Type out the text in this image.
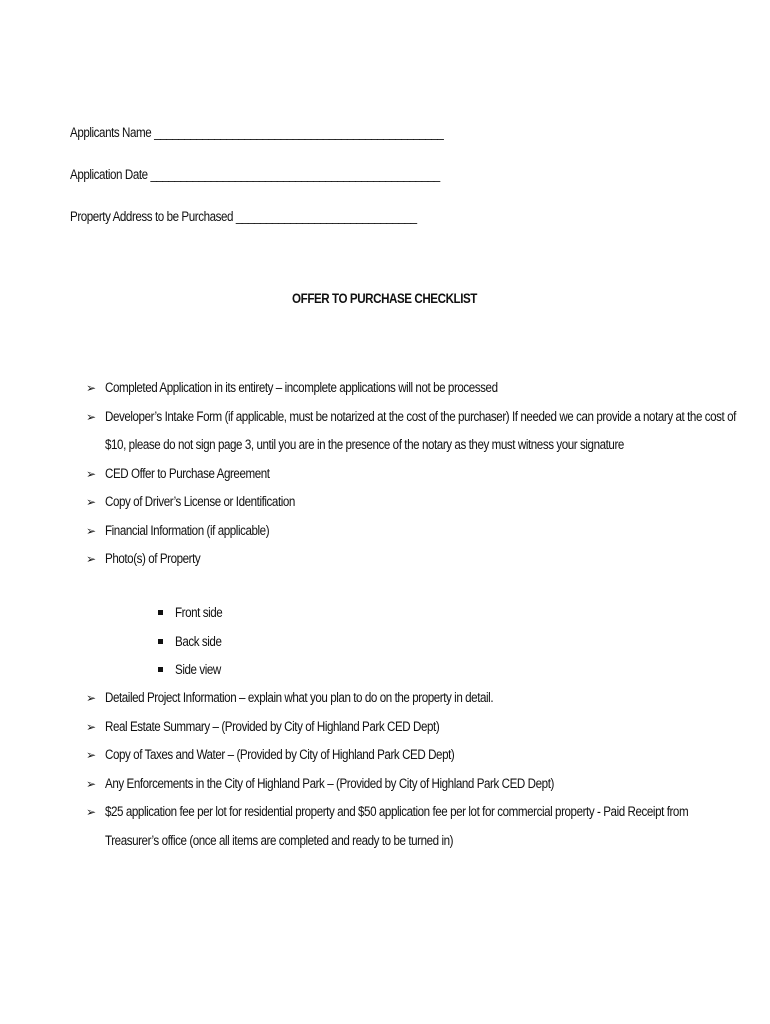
Applicants Name ________________________________________________
Application Date ________________________________________________
Property Address to be Purchased ______________________________
OFFER TO PURCHASE CHECKLIST
➢ Completed Application in its entirety – incomplete applications will not be processed
➢ Developer’s Intake Form (if applicable, must be notarized at the cost of the purchaser) If needed we can provide a notary at the cost of $10, please do not sign page 3, until you are in the presence of the notary as they must witness your signature
➢ CED Offer to Purchase Agreement
➢ Copy of Driver’s License or Identification
➢ Financial Information (if applicable)
➢ Photo(s) of Property
Front side
Back side
Side view
➢ Detailed Project Information – explain what you plan to do on the property in detail.
➢ Real Estate Summary – (Provided by City of Highland Park CED Dept)
➢ Copy of Taxes and Water – (Provided by City of Highland Park CED Dept)
➢ Any Enforcements in the City of Highland Park – (Provided by City of Highland Park CED Dept)
➢ $25 application fee per lot for residential property and $50 application fee per lot for commercial property - Paid Receipt from Treasurer’s office (once all items are completed and ready to be turned in)
